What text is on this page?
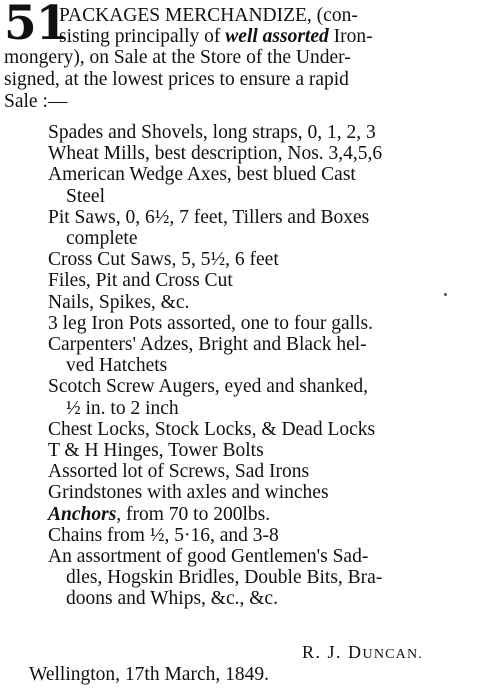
51
PACKAGES MERCHANDIZE, (con-
sisting principally of well assorted Iron-
mongery), on Sale at the Store of the Under-
signed, at the lowest prices to ensure a rapid
Sale :—
Spades and Shovels, long straps, 0, 1, 2, 3
Wheat Mills, best description, Nos. 3,4,5,6
American Wedge Axes, best blued Cast
Steel
Pit Saws, 0, 6½, 7 feet, Tillers and Boxes
complete
Cross Cut Saws, 5, 5½, 6 feet
Files, Pit and Cross Cut
Nails, Spikes, &c.
3 leg Iron Pots assorted, one to four galls.
Carpenters' Adzes, Bright and Black hel-
ved Hatchets
Scotch Screw Augers, eyed and shanked,
½ in. to 2 inch
Chest Locks, Stock Locks, & Dead Locks
T & H Hinges, Tower Bolts
Assorted lot of Screws, Sad Irons
Grindstones with axles and winches
Anchors, from 70 to 200lbs.
Chains from ½, 5·16, and 3-8
An assortment of good Gentlemen's Sad-
dles, Hogskin Bridles, Double Bits, Bra-
doons and Whips, &c., &c.
R. J. DUNCAN.
Wellington, 17th March, 1849.
